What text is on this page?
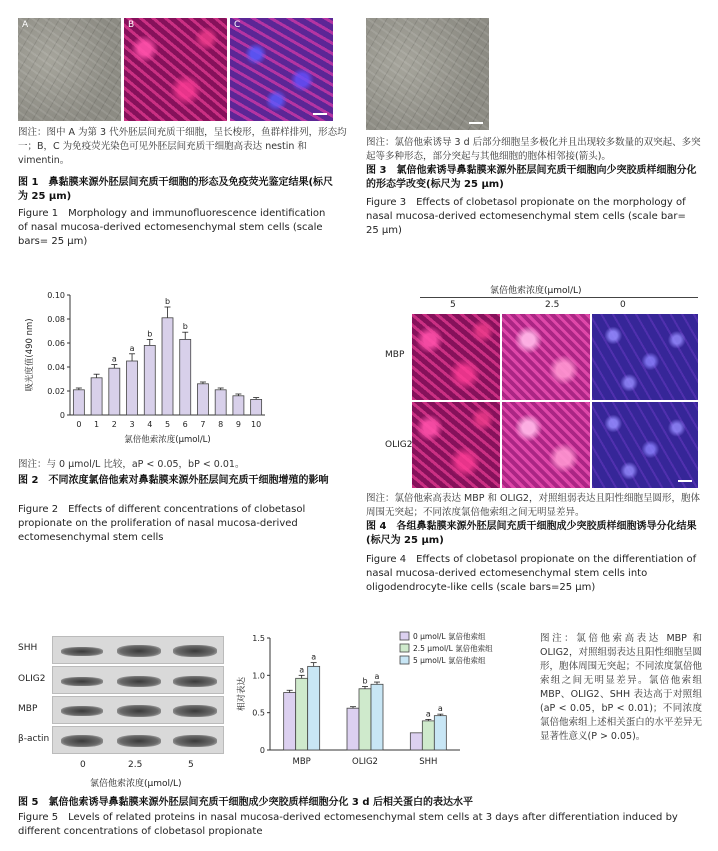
A	B	C
图注：图中 A 为第 3 代外胚层间充质干细胞，呈长梭形，鱼群样排列，形态均一；B，C 为免疫荧光染色可见外胚层间充质干细胞高表达 nestin 和 vimentin。
图 1　鼻黏膜来源外胚层间充质干细胞的形态及免疫荧光鉴定结果(标尺为 25 μm)
Figure 1　Morphology and immunofluorescence identification of nasal mucosa-derived ectomesenchymal stem cells (scale bars= 25 μm)
图注：氯倍他索诱导 3 d 后部分细胞呈多极化并且出现较多数量的双突起、多突起等多种形态，部分突起与其他细胞的胞体相邻接(箭头)。
图 3　氯倍他索诱导鼻黏膜来源外胚层间充质干细胞向少突胶质样细胞分化的形态学改变(标尺为 25 μm)
Figure 3　Effects of clobetasol propionate on the morphology of nasal mucosa-derived ectomesenchymal stem cells (scale bar= 25 μm)
0
0.02
0.04
0.06
0.08
0.10
0 1
a
2
a
3
b
4
b
5
b
6 7 8 9 10
氯倍他索浓度(μmol/L)
吸光度值(490 nm)
图注：与 0 μmol/L 比较，aP < 0.05，bP < 0.01。
图 2　不同浓度氯倍他索对鼻黏膜来源外胚层间充质干细胞增殖的影响
Figure 2　Effects of different concentrations of clobetasol propionate on the proliferation of nasal mucosa-derived ectomesenchymal stem cells
氯倍他索浓度(μmol/L)
5	2.5	0
MBP
OLIG2
图注：氯倍他索高表达 MBP 和 OLIG2，对照组弱表达且阳性细胞呈圆形，胞体周围无突起；不同浓度氯倍他索组之间无明显差异。
图 4　各组鼻黏膜来源外胚层间充质干细胞成少突胶质样细胞诱导分化结果(标尺为 25 μm)
Figure 4　Effects of clobetasol propionate on the differentiation of nasal mucosa-derived ectomesenchymal stem cells into oligodendrocyte-like cells (scale bars=25 μm)
SHH
OLIG2
MBP
β-actin
0	2.5	5
氯倍他索浓度(μmol/L)
0
0.5
1.0
1.5
a
a
MBP
b a
OLIG2
a
a
SHH
相对表达
0 μmol/L 氯倍他索组
2.5 μmol/L 氯倍他索组
5 μmol/L 氯倍他索组
图注：氯倍他索高表达 MBP 和 OLIG2，对照组弱表达且阳性细胞呈圆形，胞体周围无突起；不同浓度氯倍他索组之间无明显差异。氯倍他索组 MBP、OLIG2、SHH 表达高于对照组(aP < 0.05，bP < 0.01)；不同浓度氯倍他索组上述相关蛋白的水平差异无显著性意义(P > 0.05)。
图 5　氯倍他索诱导鼻黏膜来源外胚层间充质干细胞成少突胶质样细胞分化 3 d 后相关蛋白的表达水平
Figure 5　Levels of related proteins in nasal mucosa-derived ectomesenchymal stem cells at 3 days after differentiation induced by different concentrations of clobetasol propionate
